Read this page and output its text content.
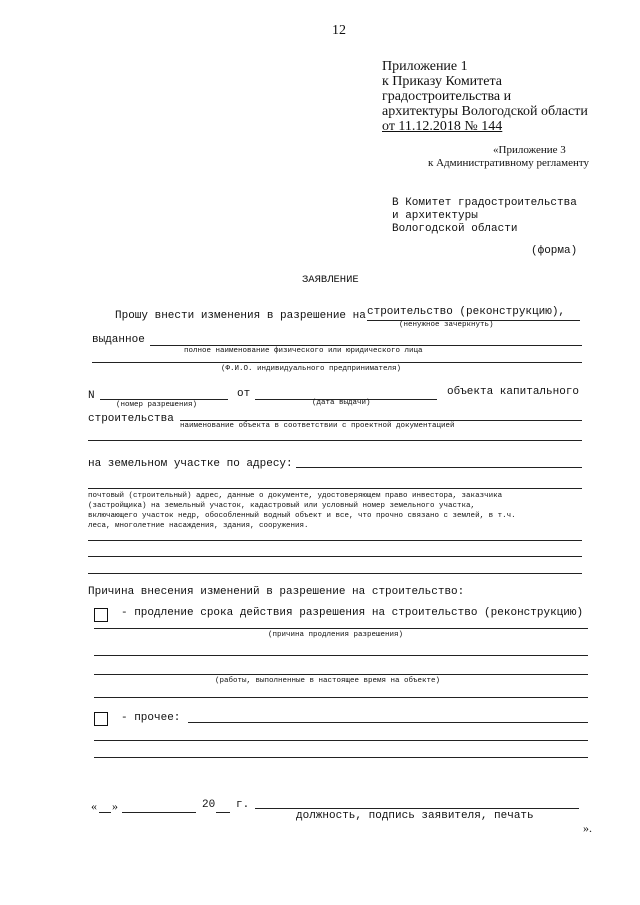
12
Приложение 1
к Приказу Комитета
градостроительства и
архитектуры Вологодской области
от 11.12.2018 № 144
«Приложение 3
к Административному регламенту
В Комитет градостроительства
и архитектуры
Вологодской области
(форма)
ЗАЯВЛЕНИЕ
Прошу внести изменения в разрешение на строительство (реконструкцию),
(ненужное зачеркнуть)
выданное
полное наименование физического или юридического лица
(Ф.И.О. индивидуального предпринимателя)
N	от	объекта капитального
(номер разрешения)	(дата выдачи)
строительства
наименование объекта в соответствии с проектной документацией
на земельном участке по адресу:
почтовый (строительный) адрес, данные о документе, удостоверяющем право инвестора, заказчика
(застройщика) на земельный участок, кадастровый или условный номер земельного участка,
включающего участок недр, обособленный водный объект и все, что прочно связано с землей, в т.ч.
леса, многолетние насаждения, здания, сооружения.
Причина внесения изменений в разрешение на строительство:
- продление срока действия разрешения на строительство (реконструкцию)
(причина продления разрешения)
(работы, выполненные в настоящее время на объекте)
- прочее:
« »	20 г.
должность, подпись заявителя, печать
».
